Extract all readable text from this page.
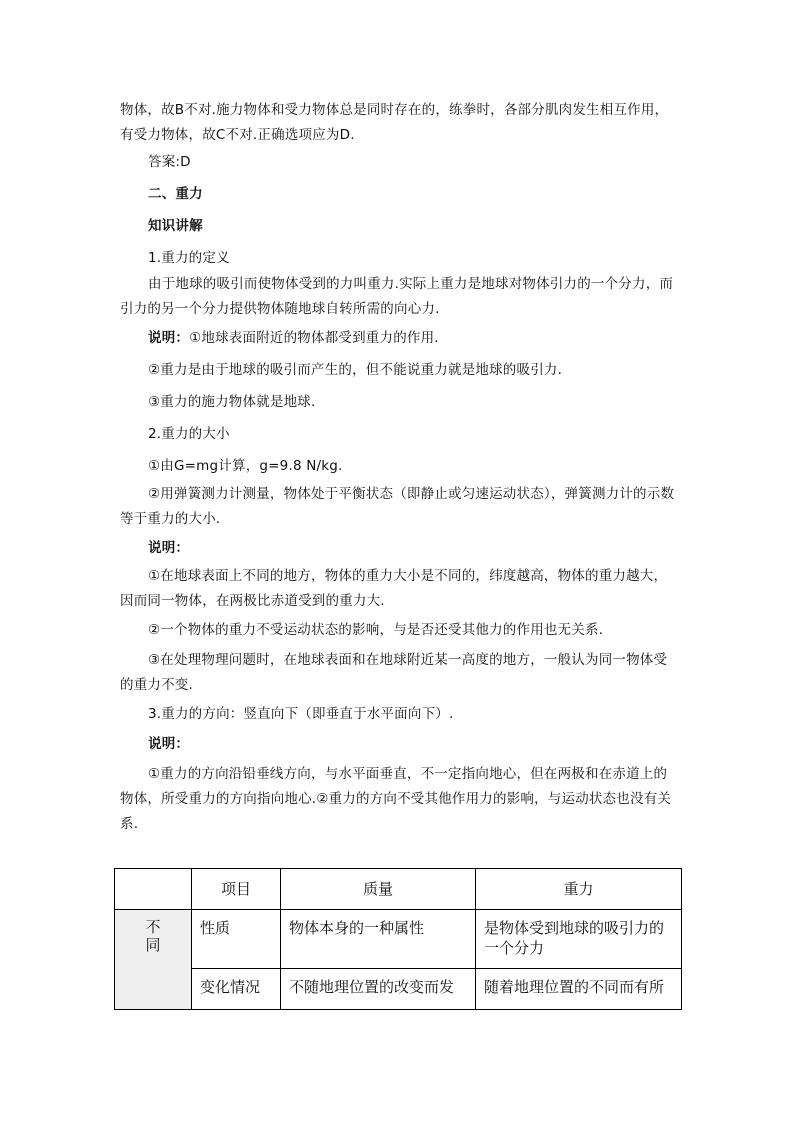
物体，故B不对.施力物体和受力物体总是同时存在的，练拳时，各部分肌肉发生相互作用，有受力物体，故C不对.正确选项应为D.
答案:D
二、重力
知识讲解
1.重力的定义
由于地球的吸引而使物体受到的力叫重力.实际上重力是地球对物体引力的一个分力，而引力的另一个分力提供物体随地球自转所需的向心力.
说明：①地球表面附近的物体都受到重力的作用.
②重力是由于地球的吸引而产生的，但不能说重力就是地球的吸引力.
③重力的施力物体就是地球.
2.重力的大小
①由G=mg计算，g=9.8 N/kg.
②用弹簧测力计测量，物体处于平衡状态（即静止或匀速运动状态），弹簧测力计的示数等于重力的大小.
说明：
①在地球表面上不同的地方，物体的重力大小是不同的，纬度越高，物体的重力越大，因而同一物体，在两极比赤道受到的重力大.
②一个物体的重力不受运动状态的影响，与是否还受其他力的作用也无关系.
③在处理物理问题时，在地球表面和在地球附近某一高度的地方，一般认为同一物体受的重力不变.
3.重力的方向：竖直向下（即垂直于水平面向下）.
说明：
①重力的方向沿铅垂线方向，与水平面垂直，不一定指向地心，但在两极和在赤道上的物体，所受重力的方向指向地心.②重力的方向不受其他作用力的影响，与运动状态也没有关系.
	项目	质量	重力

不
同	性质	物体本身的一种属性	是物体受到地球的吸引力的一个分力
	变化情况	不随地理位置的改变而发	随着地理位置的不同而有所
